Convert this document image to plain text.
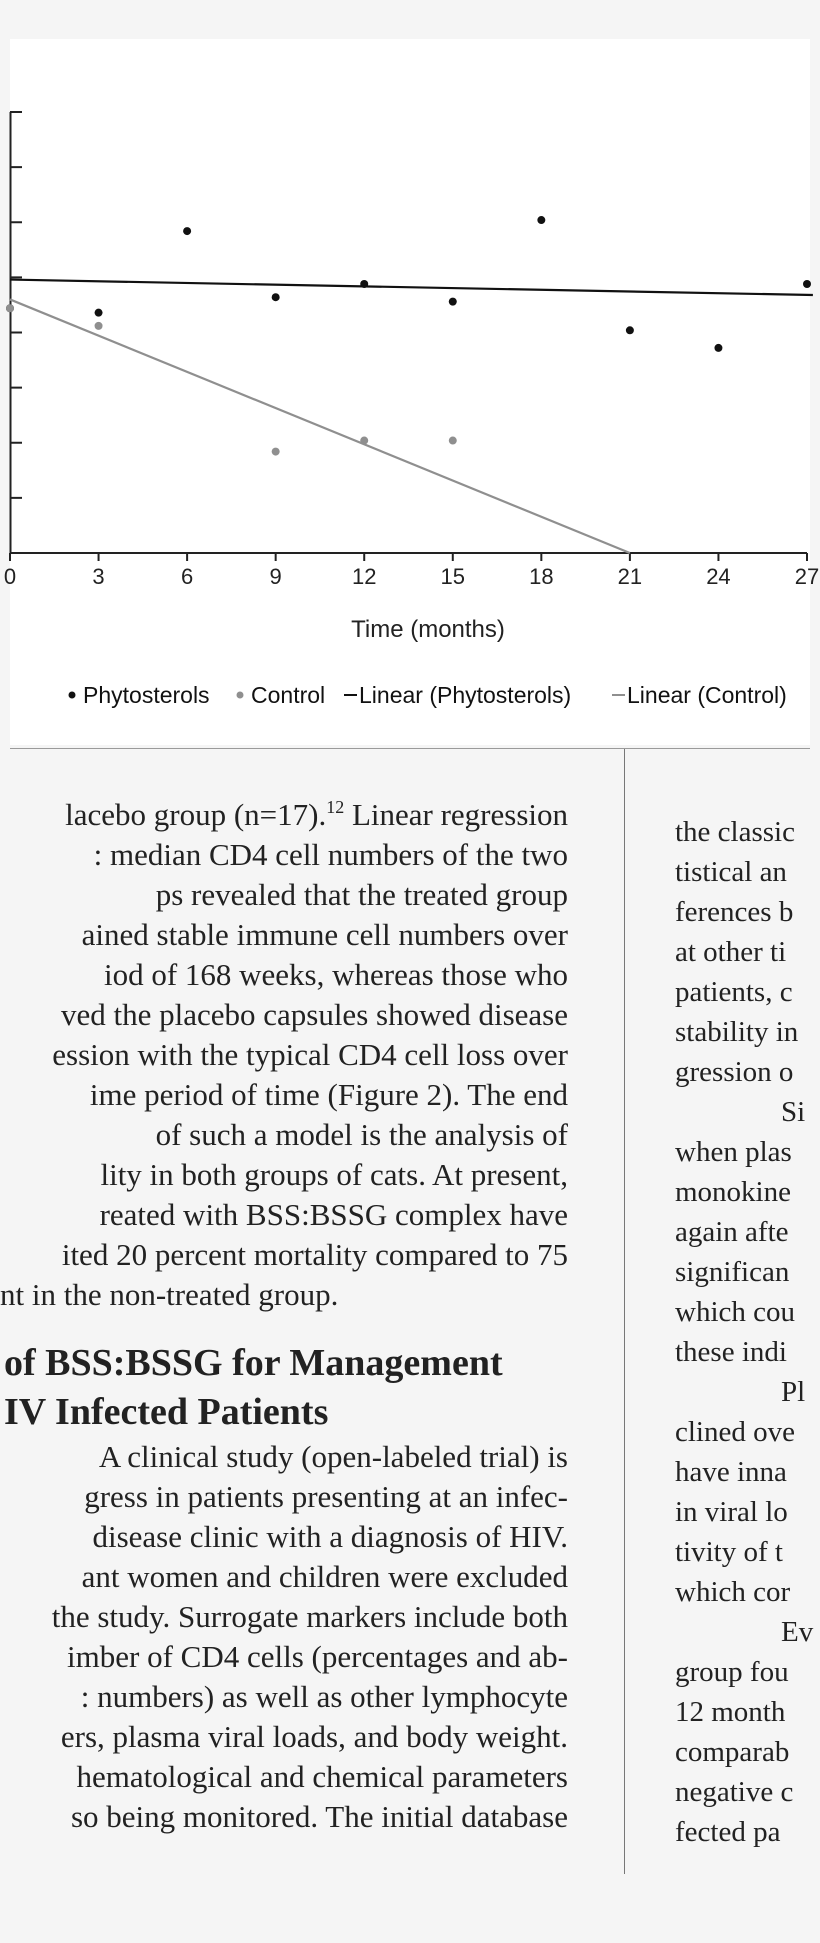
0	3	6	9	12	15	18	21	24	27
Time (months)
Phytosterols Control Linear (Phytosterols) Linear (Control)
lacebo group (n=17).$^{12}$ Linear regression
: median CD4 cell numbers of the two
ps revealed that the treated group
ained stable immune cell numbers over
iod of 168 weeks, whereas those who
ved the placebo capsules showed disease
ession with the typical CD4 cell loss over
ime period of time (Figure 2). The end
of such a model is the analysis of
lity in both groups of cats. At present,
reated with BSS:BSSG complex have
ited 20 percent mortality compared to 75
nt in the non-treated group.
of BSS:BSSG for Management
IV Infected Patients
A clinical study (open-labeled trial) is
gress in patients presenting at an infec-
disease clinic with a diagnosis of HIV.
ant women and children were excluded
the study. Surrogate markers include both
imber of CD4 cells (percentages and ab-
: numbers) as well as other lymphocyte
ers, plasma viral loads, and body weight.
hematological and chemical parameters
so being monitored. The initial database
the classic
tistical an
ferences b
at other ti
patients, c
stability in
gression o
Si
when plas
monokine
again afte
significan
which cou
these indi
Pl
clined ove
have inna
in viral lo
tivity of t
which cor
Ev
group fou
12 month
comparab
negative c
fected pa
